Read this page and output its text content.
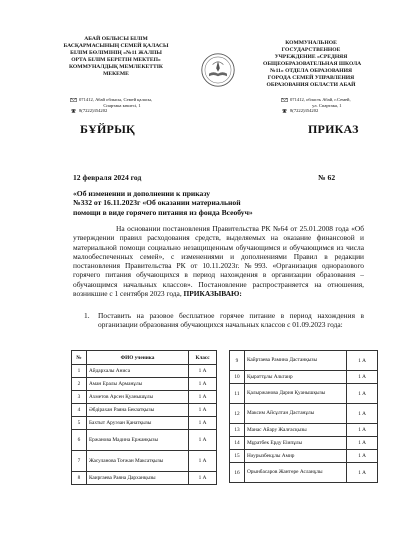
АБАЙ ОБЛЫСЫ БІЛІМ
БАСҚАРМАСЫНЫҢ СЕМЕЙ ҚАЛАСЫ
БІЛІМ БӨЛІМІНІҢ «№11 ЖАЛПЫ
ОРТА БІЛІМ БЕРЕТІН МЕКТЕП»
КОММУНАЛДЫҚ МЕМЛЕКЕТТІК
МЕКЕМЕ
КОММУНАЛЬНОЕ
ГОСУДАРСТВЕННОЕ
УЧРЕЖДЕНИЕ «СРЕДНЯЯ
ОБЩЕОБРАЗОВАТЕЛЬНАЯ ШКОЛА
№11» ОТДЕЛА ОБРАЗОВАНИЯ
ГОРОДА СЕМЕЙ УПРАВЛЕНИЯ
ОБРАЗОВАНИЯ ОБЛАСТИ АБАЙ
071412, Абай облысы, Семей қаласы,
Спартака көшесі, 1
8(7222)354202
071412, область Абай, г.Семей,
ул. Спартака, 1
8(7222)354202
БҰЙРЫҚ	ПРИКАЗ
12 февраля 2024 год	№ 62
«Об изменении и дополнении к приказу
№332 от 16.11.2023г «Об оказании материальной
помощи в виде горячего питания из фонда Всеобуч»
На основании постановления Правительства РК №64 от 25.01.2008 года «Об утверждении правил расходования средств, выделяемых на оказание финансовой и материальной помощи социально незащищенным обучающимся и обучающимся из числа малообеспеченных семей», с изменениями и дополнениями Правил в редакции постановления Правительства РК от 10.11.2023г. №993. «Организация одноразового горячего питания обучающихся в период нахождения в организации образования – обучающимся начальных классов». Постановление распространяется на отношения, возникшие с 1 сентября 2023 года, ПРИКАЗЫВАЮ:
1.	Поставить на разовое бесплатное горячее питание в период нахождения в организации образования обучающихся начальных классов с 01.09.2023 года:
№	ФИО ученика	Класс
1	Айдархалы Аниса	1 А
2	Аман Ералы Арманұлы	1 А
3	Ахметов Арсен Қуанышұлы	1 А
4	Әбдірахан Раяна Бекзатқызы	1 А
5	Бахтыт Аруэзан Қанатқызы	1 А
6	Ержанова Мадина Ержанқызы	1 А
7	Жасуланова Тоғжан Максатқызы	1 А
8	Каиргаева Раяна Дарханқызы	1 А
9	Кайртаева Рамина Дастанқызы	1 А
10	Қыраттұлы Альтаир	1 А
11	Қалыржанова Дария Қуанышқызы	1 А
12	Максим Айсұлтан Дастанұлы	1 А
13	Манас Айару Жалғасқызы	1 А
14	Мұратбек Ерду Еіипұлы	1 А
15	Нәурызбекұлы Амир	1 А
16	Орынбасаров Жантөре Асланұлы	1 А
